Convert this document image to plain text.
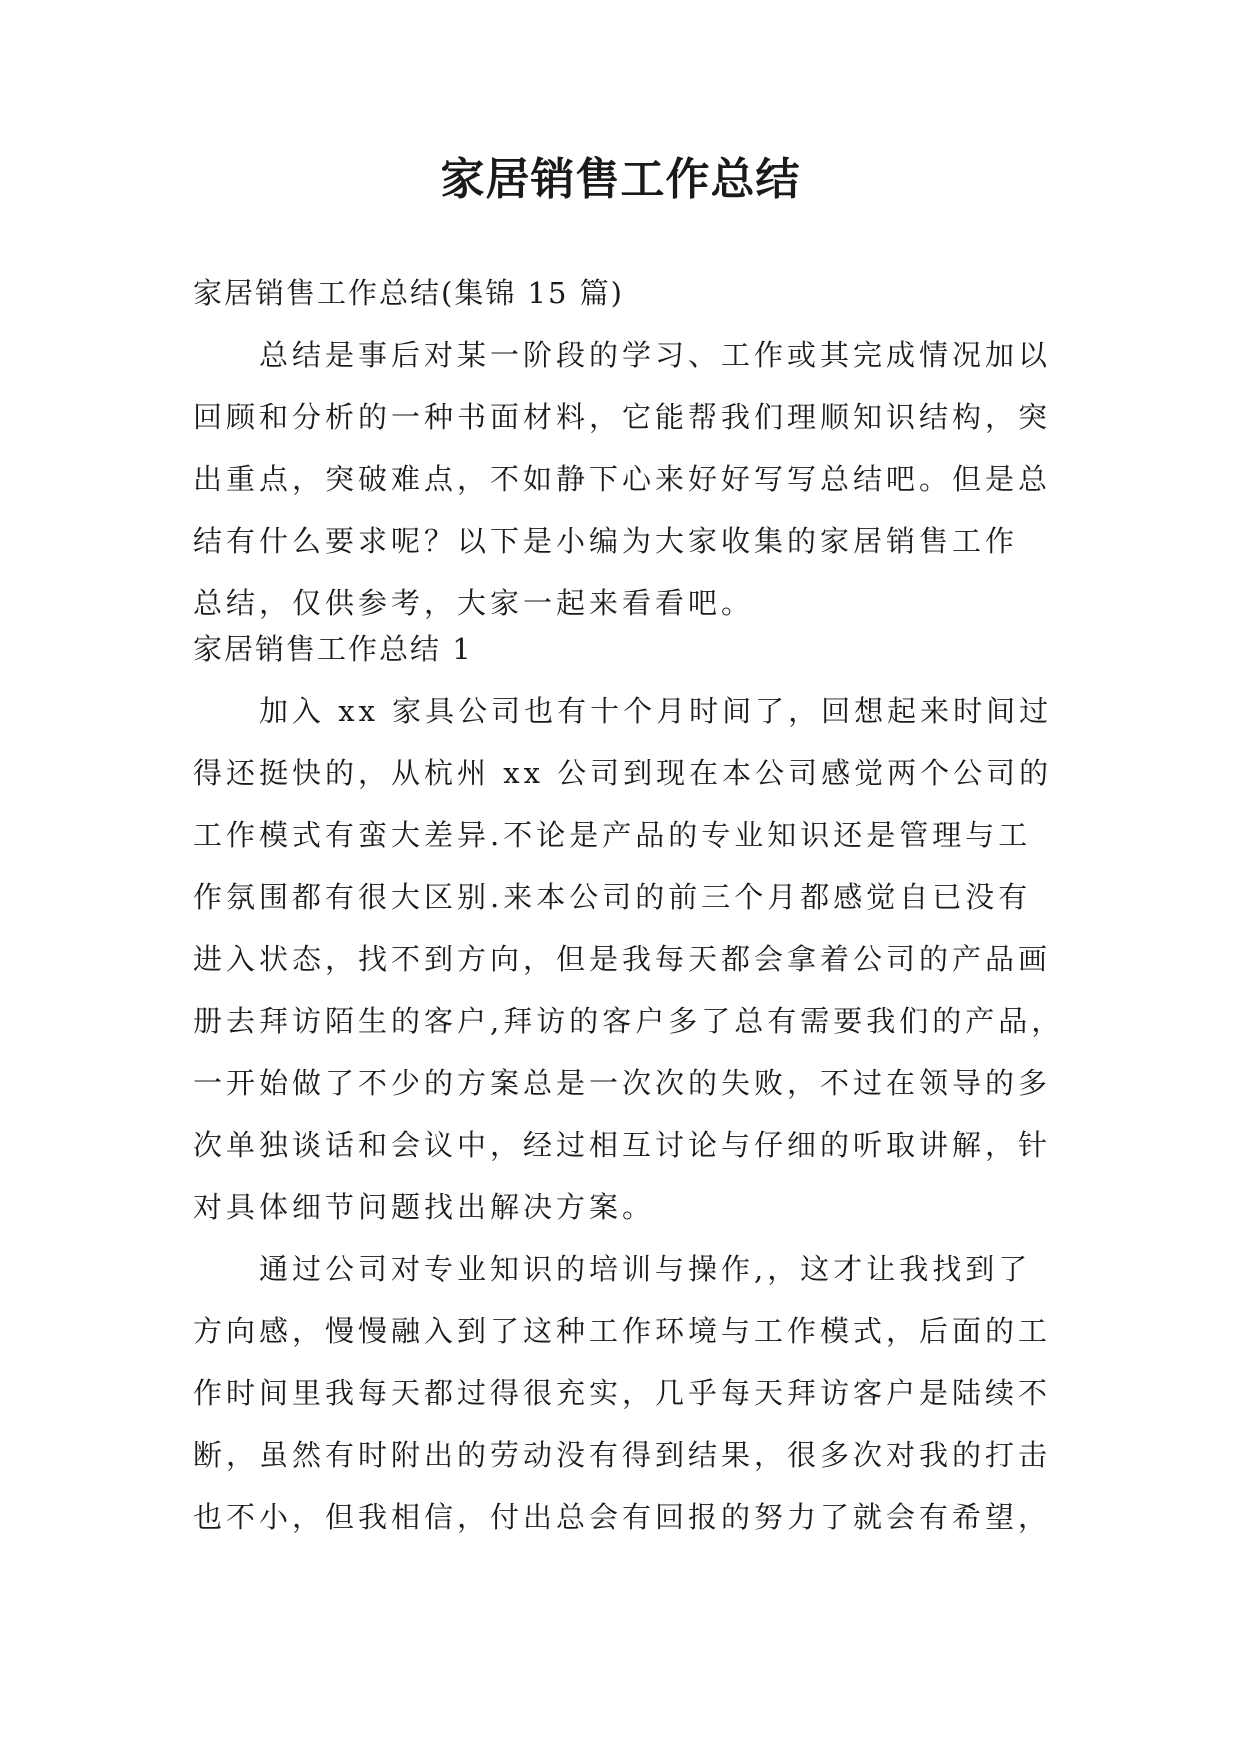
家居销售工作总结
家居销售工作总结(集锦 15 篇)
总结是事后对某一阶段的学习、工作或其完成情况加以
回顾和分析的一种书面材料，它能帮我们理顺知识结构，突
出重点，突破难点，不如静下心来好好写写总结吧。但是总
结有什么要求呢？以下是小编为大家收集的家居销售工作
总结，仅供参考，大家一起来看看吧。
家居销售工作总结 1
加入 xx 家具公司也有十个月时间了，回想起来时间过
得还挺快的，从杭州 xx 公司到现在本公司感觉两个公司的
工作模式有蛮大差异.不论是产品的专业知识还是管理与工
作氛围都有很大区别.来本公司的前三个月都感觉自已没有
进入状态，找不到方向，但是我每天都会拿着公司的产品画
册去拜访陌生的客户,拜访的客户多了总有需要我们的产品，
一开始做了不少的方案总是一次次的失败，不过在领导的多
次单独谈话和会议中，经过相互讨论与仔细的听取讲解，针
对具体细节问题找出解决方案。
通过公司对专业知识的培训与操作,，这才让我找到了
方向感，慢慢融入到了这种工作环境与工作模式，后面的工
作时间里我每天都过得很充实，几乎每天拜访客户是陆续不
断，虽然有时附出的劳动没有得到结果，很多次对我的打击
也不小，但我相信，付出总会有回报的努力了就会有希望，
